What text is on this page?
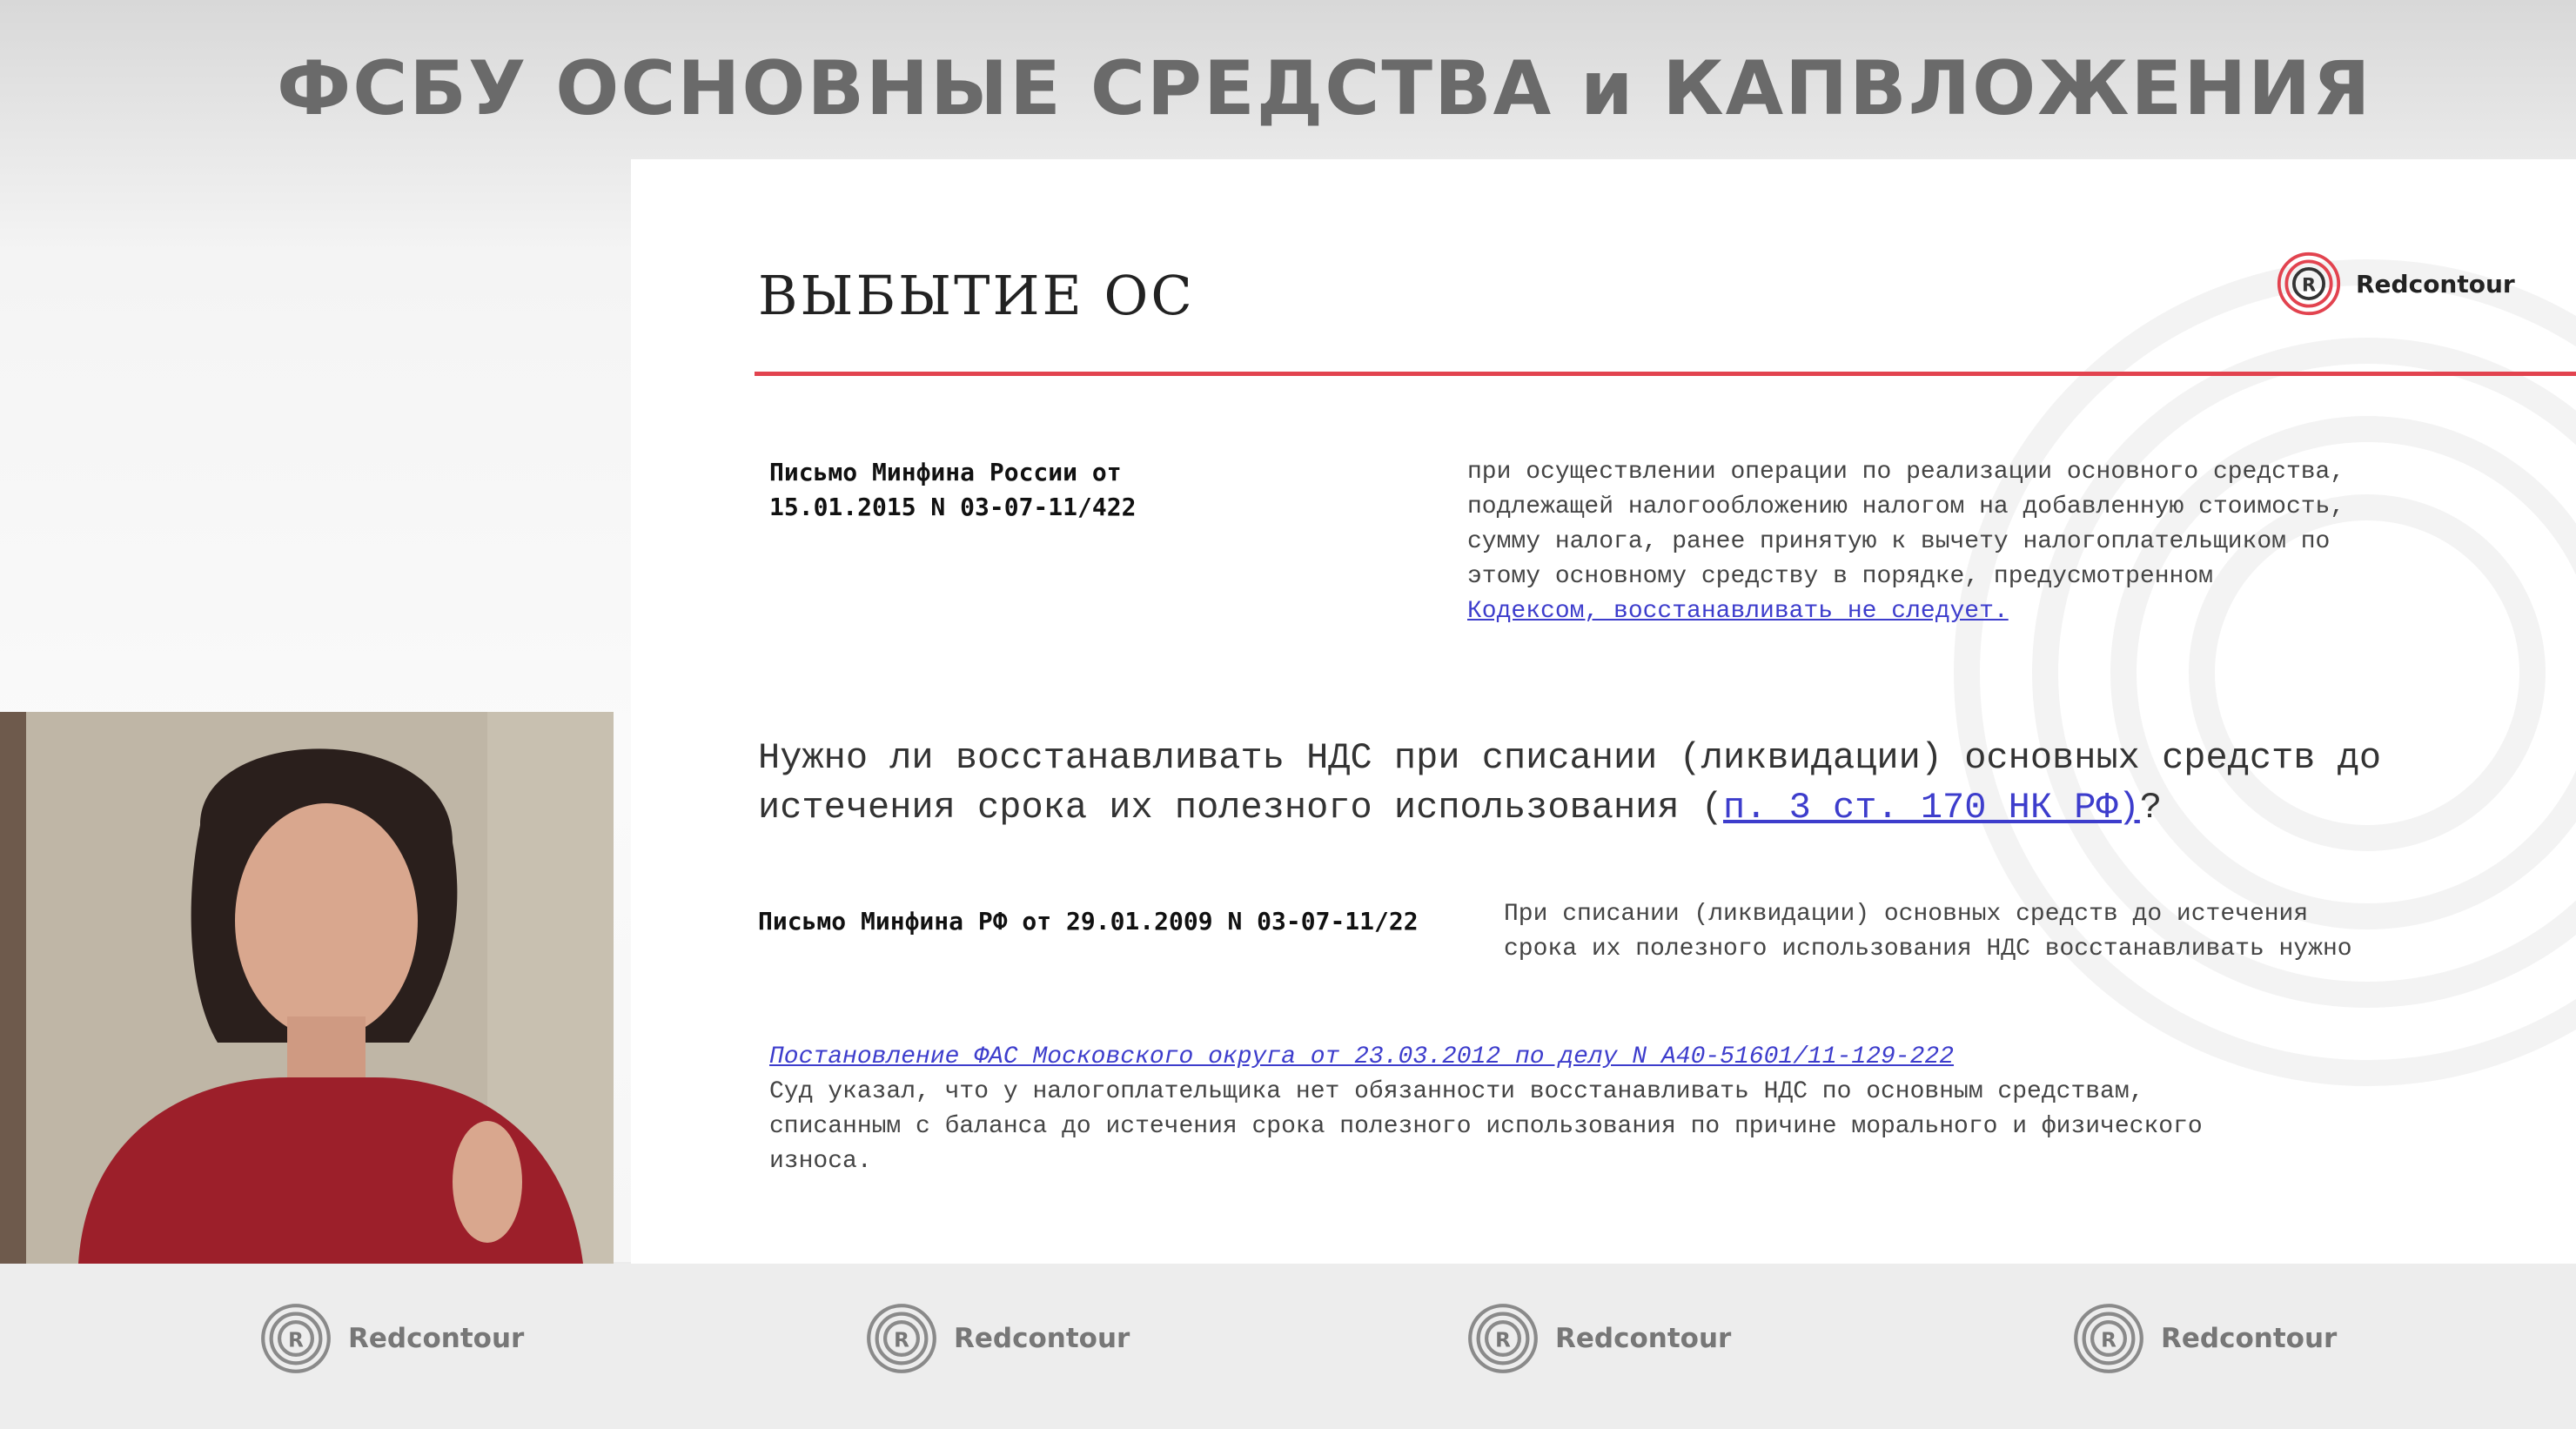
ФСБУ ОСНОВНЫЕ СРЕДСТВА и КАПВЛОЖЕНИЯ
ВЫБЫТИЕ ОС	R Redcontour
Письмо Минфина России от
15.01.2015 N 03-07-11/422
при осуществлении операции по реализации основного средства,
подлежащей налогообложению налогом на добавленную стоимость,
сумму налога, ранее принятую к вычету налогоплательщиком по
этому основному средству в порядке, предусмотренном
Кодексом, восстанавливать не следует.
Нужно ли восстанавливать НДС при списании (ликвидации) основных средств до истечения срока их полезного использования (п. 3 ст. 170 НК РФ)?
Письмо Минфина РФ от 29.01.2009 N 03-07-11/22	При списании (ликвидации) основных средств до истечения
срока их полезного использования НДС восстанавливать нужно
Постановление ФАС Московского округа от 23.03.2012 по делу N А40-51601/11-129-222
Суд указал, что у налогоплательщика нет обязанности восстанавливать НДС по основным средствам,
списанным с баланса до истечения срока полезного использования по причине морального и физического
износа.
R Redcontour	R Redcontour	R Redcontour	R Redcontour
